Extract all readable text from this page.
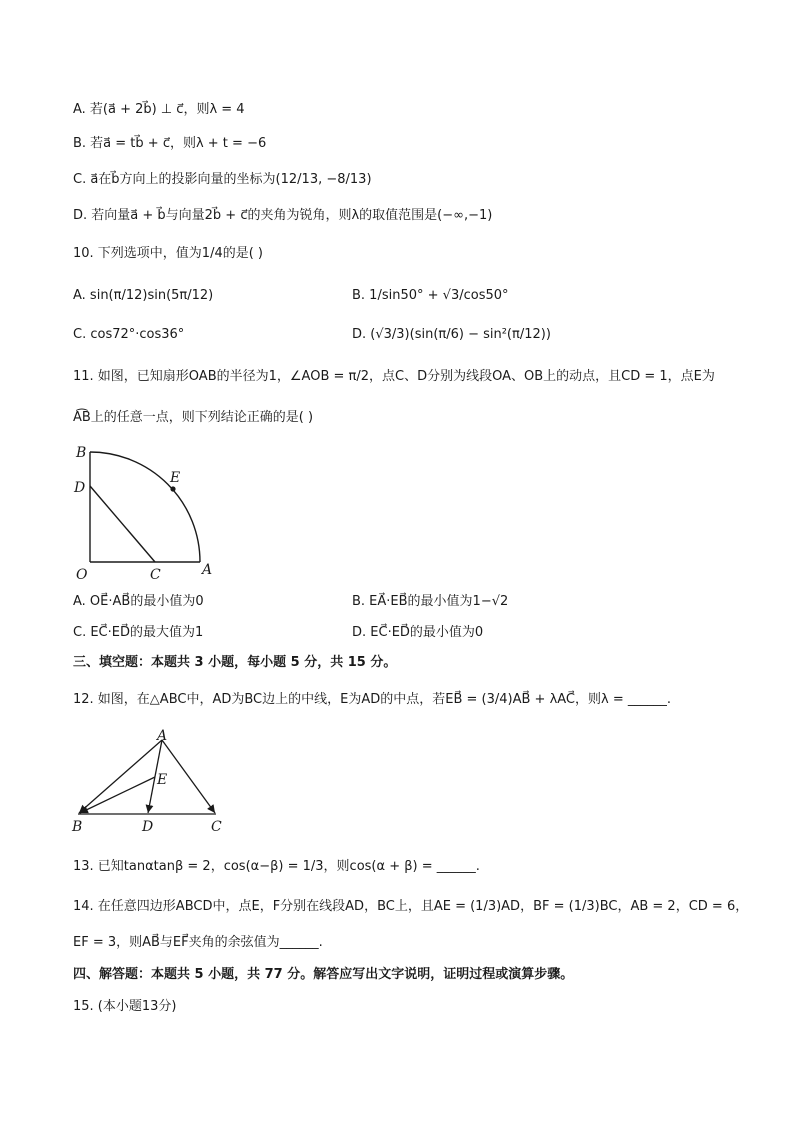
A. 若(a⃗ + 2b⃗) ⊥ c⃗，则λ = 4
B. 若a⃗ = tb⃗ + c⃗，则λ + t = −6
C. a⃗在b⃗方向上的投影向量的坐标为(12/13, −8/13)
D. 若向量a⃗ + b⃗与向量2b⃗ + c⃗的夹角为锐角，则λ的取值范围是(−∞,−1)
10. 下列选项中，值为1/4的是( )
A. sin(π/12)sin(5π/12)	B. 1/sin50° + √3/cos50°
C. cos72°·cos36°	D. (√3/3)(sin(π/6) − sin²(π/12))
11. 如图，已知扇形OAB的半径为1，∠AOB = π/2，点C、D分别为线段OA、OB上的动点，且CD = 1，点E为
A͡B上的任意一点，则下列结论正确的是( )
B
D
E
O	C	A
A. OE⃗·AB⃗的最小值为0	B. EA⃗·EB⃗的最小值为1−√2
C. EC⃗·ED⃗的最大值为1	D. EC⃗·ED⃗的最小值为0
三、填空题：本题共 3 小题，每小题 5 分，共 15 分。
12. 如图，在△ABC中，AD为BC边上的中线，E为AD的中点，若EB⃗ = (3/4)AB⃗ + λAC⃗，则λ = ______.
A
E
B	D	C
13. 已知tanαtanβ = 2，cos(α−β) = 1/3，则cos(α + β) = ______.
14. 在任意四边形ABCD中，点E，F分别在线段AD，BC上，且AE = (1/3)AD，BF = (1/3)BC，AB = 2，CD = 6，
EF = 3，则AB⃗与EF⃗夹角的余弦值为______.
四、解答题：本题共 5 小题，共 77 分。解答应写出文字说明，证明过程或演算步骤。
15. (本小题13分)
